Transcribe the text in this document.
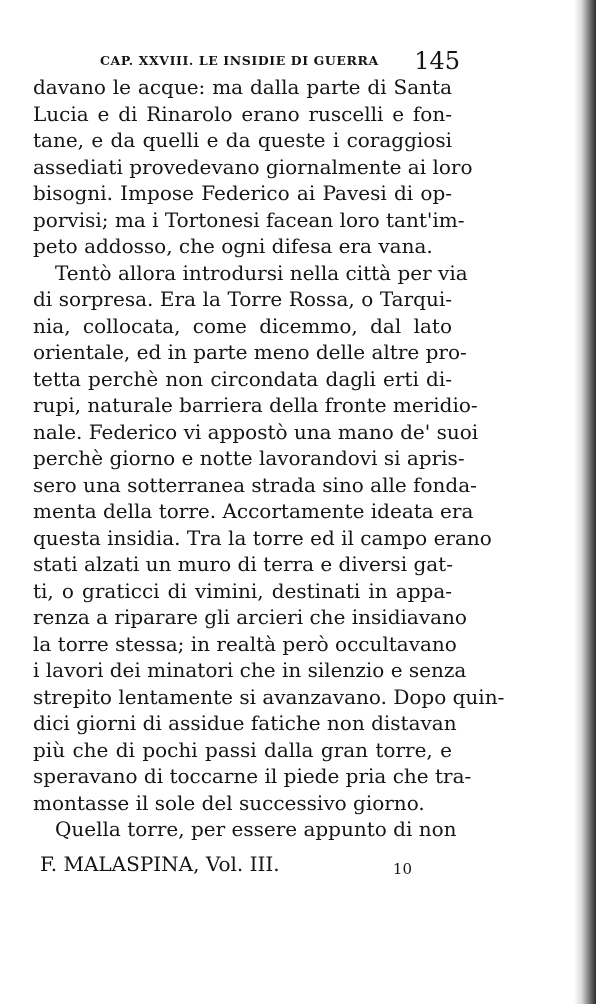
CAP. XXVIII. LE INSIDIE DI GUERRA 145
davano le acque: ma dalla parte di Santa
Lucia e di Rinarolo erano ruscelli e fon-
tane, e da quelli e da queste i coraggiosi
assediati provedevano giornalmente ai loro
bisogni. Impose Federico ai Pavesi di op-
porvisi; ma i Tortonesi facean loro tant'im-
peto addosso, che ogni difesa era vana.
Tentò allora introdursi nella città per via
di sorpresa. Era la Torre Rossa, o Tarqui-
nia, collocata, come dicemmo, dal lato
orientale, ed in parte meno delle altre pro-
tetta perchè non circondata dagli erti di-
rupi, naturale barriera della fronte meridio-
nale. Federico vi appostò una mano de' suoi
perchè giorno e notte lavorandovi si apris-
sero una sotterranea strada sino alle fonda-
menta della torre. Accortamente ideata era
questa insidia. Tra la torre ed il campo erano
stati alzati un muro di terra e diversi gat-
ti, o graticci di vimini, destinati in appa-
renza a riparare gli arcieri che insidiavano
la torre stessa; in realtà però occultavano
i lavori dei minatori che in silenzio e senza
strepito lentamente si avanzavano. Dopo quin-
dici giorni di assidue fatiche non distavan
più che di pochi passi dalla gran torre, e
speravano di toccarne il piede pria che tra-
montasse il sole del successivo giorno.
Quella torre, per essere appunto di non
F. MALASPINA, Vol. III.	10
